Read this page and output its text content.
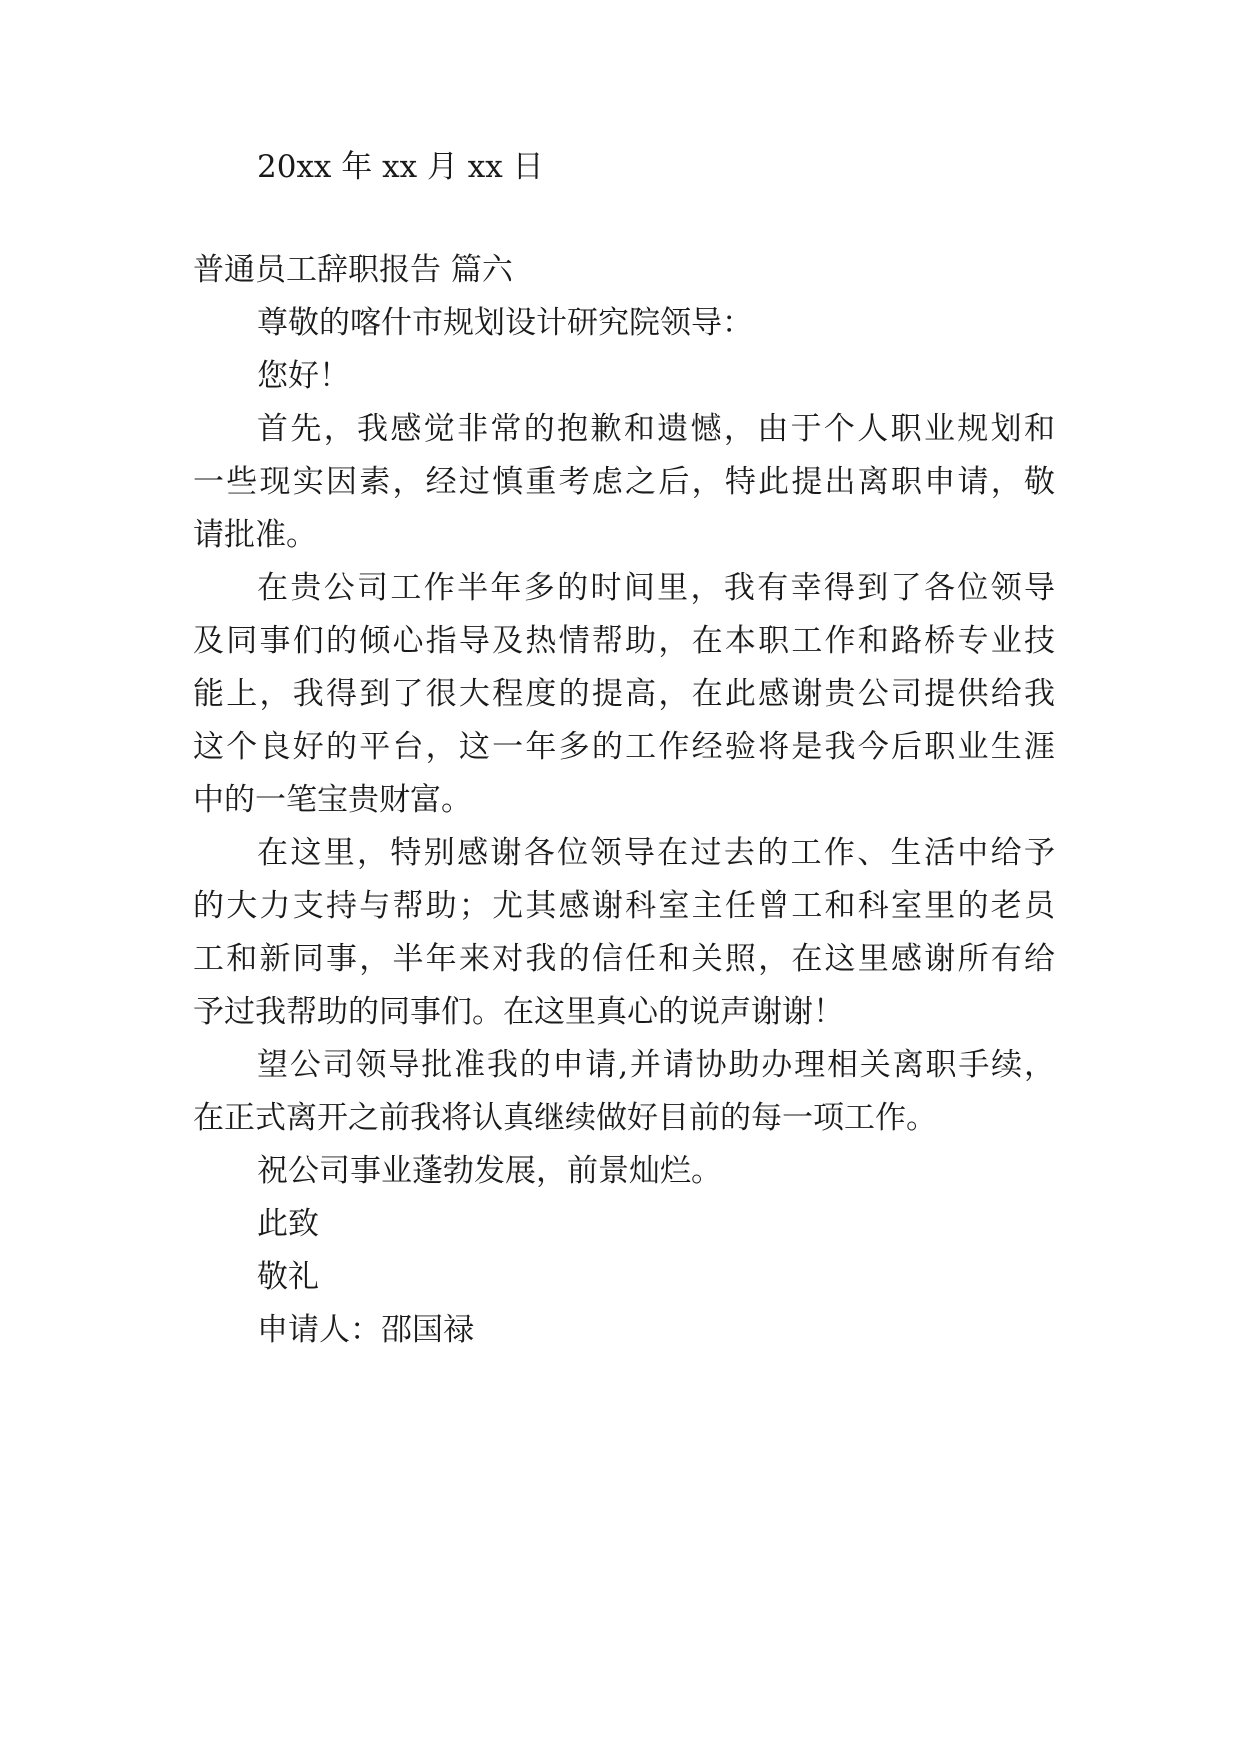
20xx 年 xx 月 xx 日
普通员工辞职报告 篇六
尊敬的喀什市规划设计研究院领导：
您好！
首先，我感觉非常的抱歉和遗憾，由于个人职业规划和
一些现实因素，经过慎重考虑之后，特此提出离职申请，敬
请批准。
在贵公司工作半年多的时间里，我有幸得到了各位领导
及同事们的倾心指导及热情帮助，在本职工作和路桥专业技
能上，我得到了很大程度的提高，在此感谢贵公司提供给我
这个良好的平台，这一年多的工作经验将是我今后职业生涯
中的一笔宝贵财富。
在这里，特别感谢各位领导在过去的工作、生活中给予
的大力支持与帮助；尤其感谢科室主任曾工和科室里的老员
工和新同事，半年来对我的信任和关照，在这里感谢所有给
予过我帮助的同事们。在这里真心的说声谢谢！
望公司领导批准我的申请,并请协助办理相关离职手续，
在正式离开之前我将认真继续做好目前的每一项工作。
祝公司事业蓬勃发展，前景灿烂。
此致
敬礼
申请人：邵国禄
